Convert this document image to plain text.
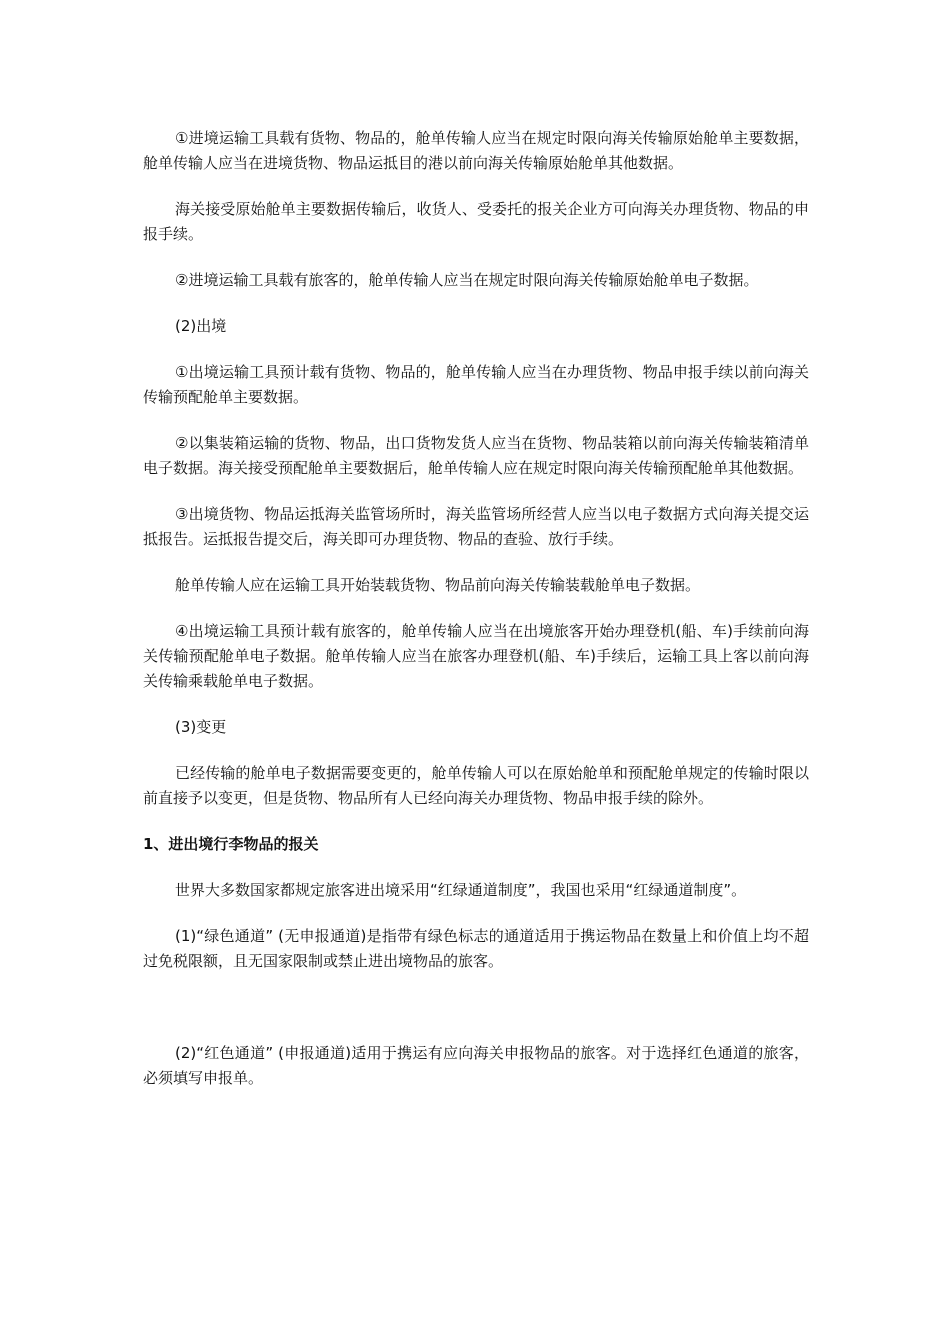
①进境运输工具载有货物、物品的，舱单传输人应当在规定时限向海关传输原始舱单主要数据，舱单传输人应当在进境货物、物品运抵目的港以前向海关传输原始舱单其他数据。

海关接受原始舱单主要数据传输后，收货人、受委托的报关企业方可向海关办理货物、物品的申报手续。

②进境运输工具载有旅客的，舱单传输人应当在规定时限向海关传输原始舱单电子数据。

(2)出境

①出境运输工具预计载有货物、物品的，舱单传输人应当在办理货物、物品申报手续以前向海关传输预配舱单主要数据。

②以集装箱运输的货物、物品，出口货物发货人应当在货物、物品装箱以前向海关传输装箱清单电子数据。海关接受预配舱单主要数据后，舱单传输人应在规定时限向海关传输预配舱单其他数据。

③出境货物、物品运抵海关监管场所时，海关监管场所经营人应当以电子数据方式向海关提交运抵报告。运抵报告提交后，海关即可办理货物、物品的查验、放行手续。

舱单传输人应在运输工具开始装载货物、物品前向海关传输装载舱单电子数据。

④出境运输工具预计载有旅客的，舱单传输人应当在出境旅客开始办理登机(船、车)手续前向海关传输预配舱单电子数据。舱单传输人应当在旅客办理登机(船、车)手续后，运输工具上客以前向海关传输乘载舱单电子数据。

(3)变更

已经传输的舱单电子数据需要变更的，舱单传输人可以在原始舱单和预配舱单规定的传输时限以前直接予以变更，但是货物、物品所有人已经向海关办理货物、物品申报手续的除外。

1、进出境行李物品的报关

世界大多数国家都规定旅客进出境采用“红绿通道制度”，我国也采用“红绿通道制度”。

(1)“绿色通道” (无申报通道)是指带有绿色标志的通道适用于携运物品在数量上和价值上均不超过免税限额，且无国家限制或禁止进出境物品的旅客。

(2)“红色通道” (申报通道)适用于携运有应向海关申报物品的旅客。对于选择红色通道的旅客，必须填写申报单。
